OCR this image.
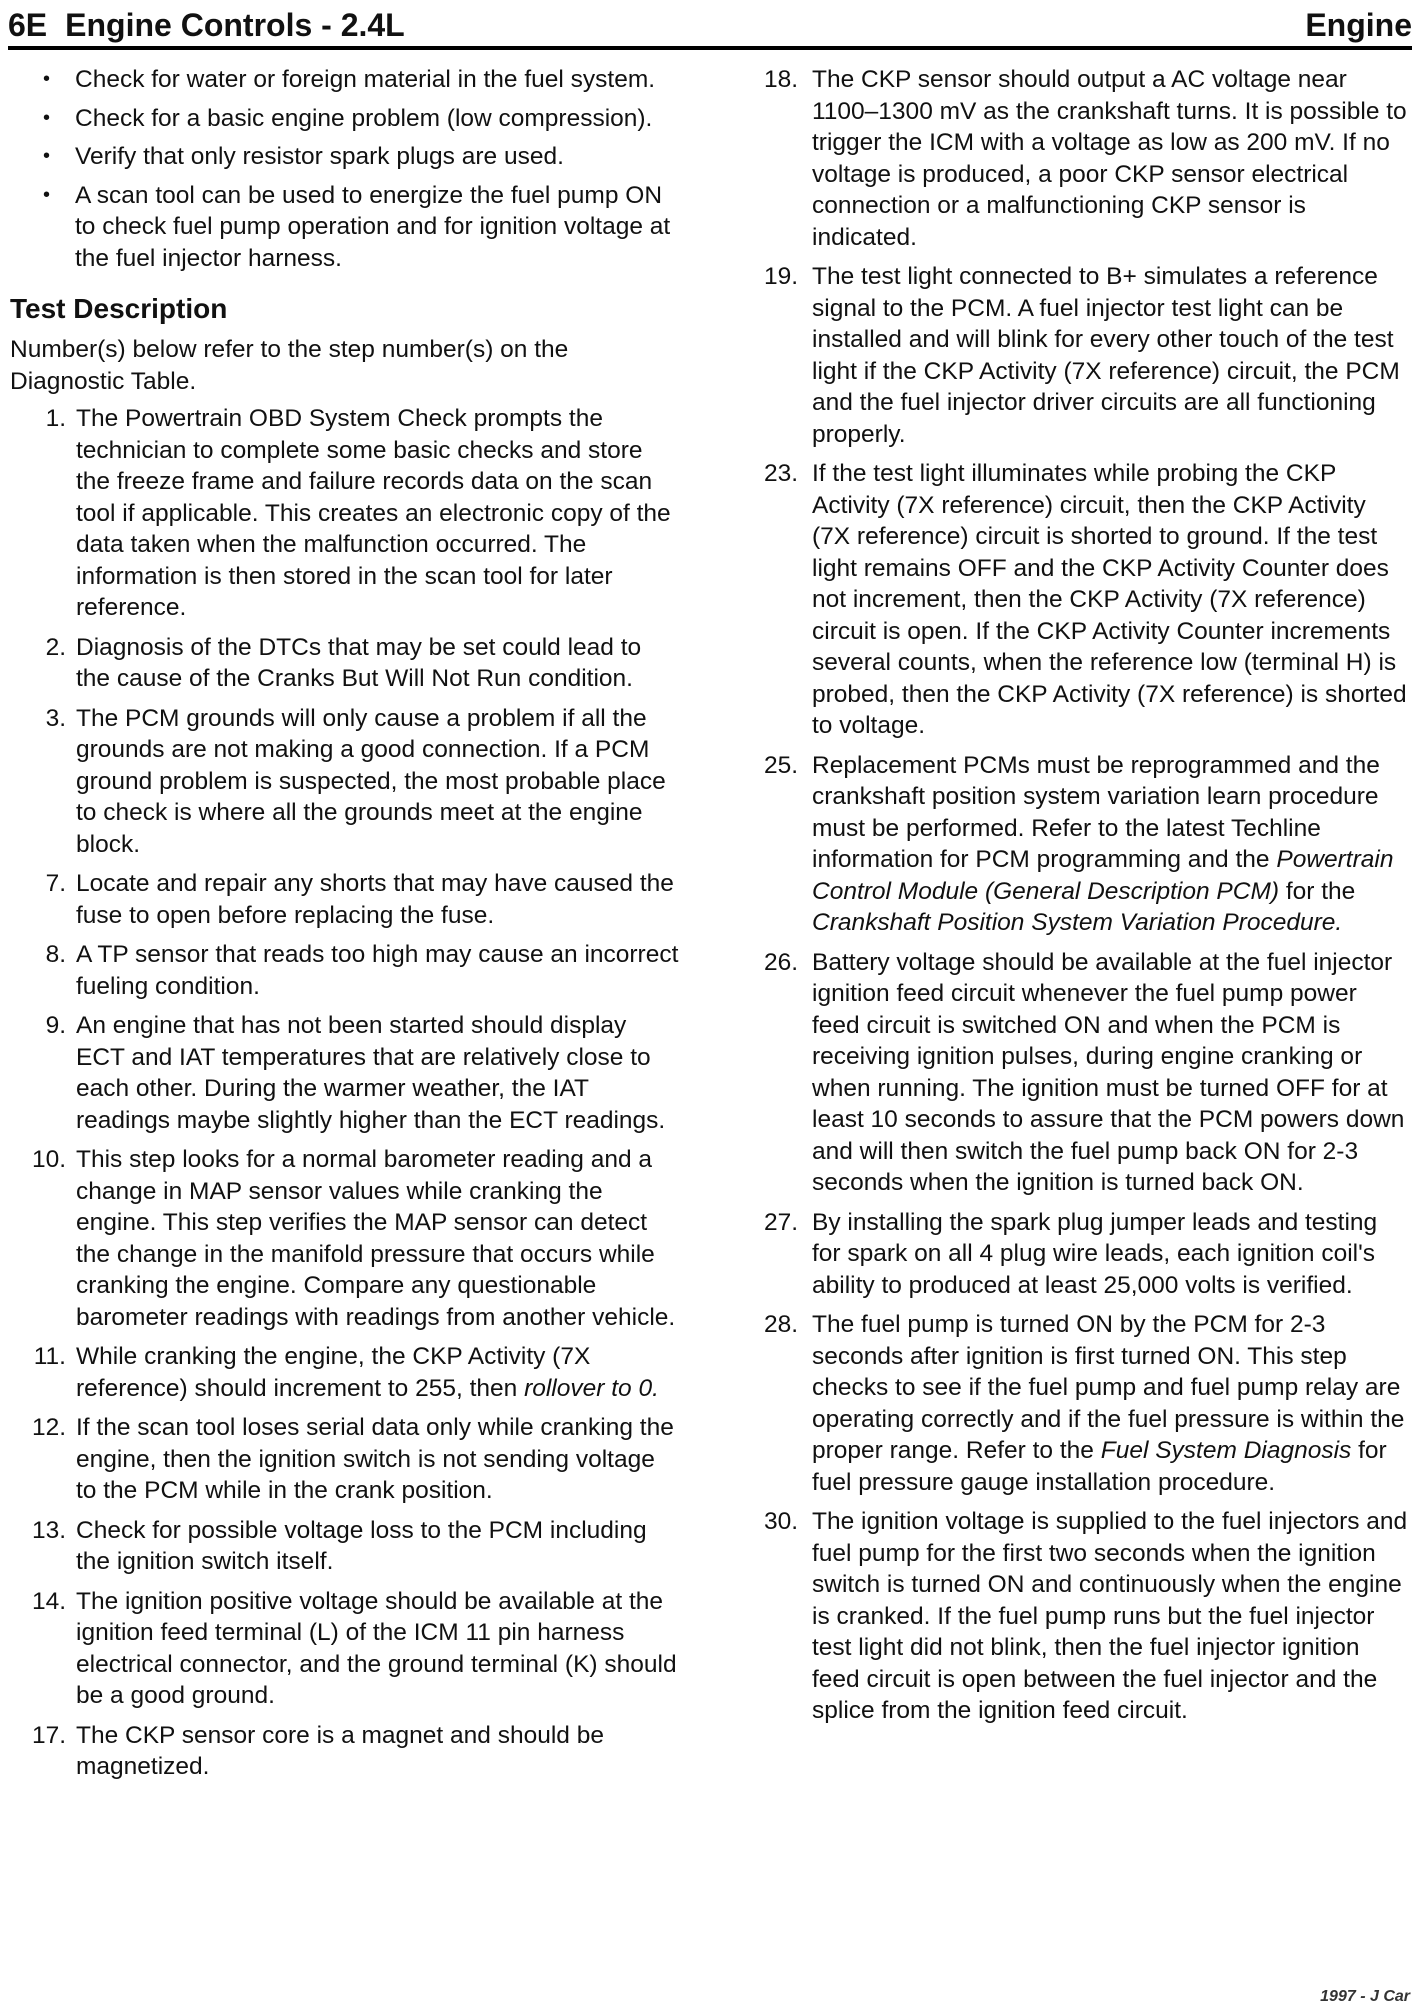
6E Engine Controls - 2.4L	Engine
• Check for water or foreign material in the fuel system.
• Check for a basic engine problem (low compression).
• Verify that only resistor spark plugs are used.
• A scan tool can be used to energize the fuel pump ON to check fuel pump operation and for ignition voltage at the fuel injector harness.
Test Description

Number(s) below refer to the step number(s) on the Diagnostic Table.

1. The Powertrain OBD System Check prompts the technician to complete some basic checks and store the freeze frame and failure records data on the scan tool if applicable. This creates an electronic copy of the data taken when the malfunction occurred. The information is then stored in the scan tool for later reference.
2. Diagnosis of the DTCs that may be set could lead to the cause of the Cranks But Will Not Run condition.
3. The PCM grounds will only cause a problem if all the grounds are not making a good connection. If a PCM ground problem is suspected, the most probable place to check is where all the grounds meet at the engine block.
7. Locate and repair any shorts that may have caused the fuse to open before replacing the fuse.
8. A TP sensor that reads too high may cause an incorrect fueling condition.
9. An engine that has not been started should display ECT and IAT temperatures that are relatively close to each other. During the warmer weather, the IAT readings maybe slightly higher than the ECT readings.
10. This step looks for a normal barometer reading and a change in MAP sensor values while cranking the engine. This step verifies the MAP sensor can detect the change in the manifold pressure that occurs while cranking the engine. Compare any questionable barometer readings with readings from another vehicle.
11. While cranking the engine, the CKP Activity (7X reference) should increment to 255, then rollover to 0.
12. If the scan tool loses serial data only while cranking the engine, then the ignition switch is not sending voltage to the PCM while in the crank position.
13. Check for possible voltage loss to the PCM including the ignition switch itself.
14. The ignition positive voltage should be available at the ignition feed terminal (L) of the ICM 11 pin harness electrical connector, and the ground terminal (K) should be a good ground.
17. The CKP sensor core is a magnet and should be magnetized.
18. The CKP sensor should output a AC voltage near 1100–1300 mV as the crankshaft turns. It is possible to trigger the ICM with a voltage as low as 200 mV. If no voltage is produced, a poor CKP sensor electrical connection or a malfunctioning CKP sensor is indicated.
19. The test light connected to B+ simulates a reference signal to the PCM. A fuel injector test light can be installed and will blink for every other touch of the test light if the CKP Activity (7X reference) circuit, the PCM and the fuel injector driver circuits are all functioning properly.
23. If the test light illuminates while probing the CKP Activity (7X reference) circuit, then the CKP Activity (7X reference) circuit is shorted to ground. If the test light remains OFF and the CKP Activity Counter does not increment, then the CKP Activity (7X reference) circuit is open. If the CKP Activity Counter increments several counts, when the reference low (terminal H) is probed, then the CKP Activity (7X reference) is shorted to voltage.
25. Replacement PCMs must be reprogrammed and the crankshaft position system variation learn procedure must be performed. Refer to the latest Techline information for PCM programming and the Powertrain Control Module (General Description PCM) for the Crankshaft Position System Variation Procedure.
26. Battery voltage should be available at the fuel injector ignition feed circuit whenever the fuel pump power feed circuit is switched ON and when the PCM is receiving ignition pulses, during engine cranking or when running. The ignition must be turned OFF for at least 10 seconds to assure that the PCM powers down and will then switch the fuel pump back ON for 2-3 seconds when the ignition is turned back ON.
27. By installing the spark plug jumper leads and testing for spark on all 4 plug wire leads, each ignition coil's ability to produced at least 25,000 volts is verified.
28. The fuel pump is turned ON by the PCM for 2-3 seconds after ignition is first turned ON. This step checks to see if the fuel pump and fuel pump relay are operating correctly and if the fuel pressure is within the proper range. Refer to the Fuel System Diagnosis for fuel pressure gauge installation procedure.
30. The ignition voltage is supplied to the fuel injectors and fuel pump for the first two seconds when the ignition switch is turned ON and continuously when the engine is cranked. If the fuel pump runs but the fuel injector test light did not blink, then the fuel injector ignition feed circuit is open between the fuel injector and the splice from the ignition feed circuit.
1997 - J Car
